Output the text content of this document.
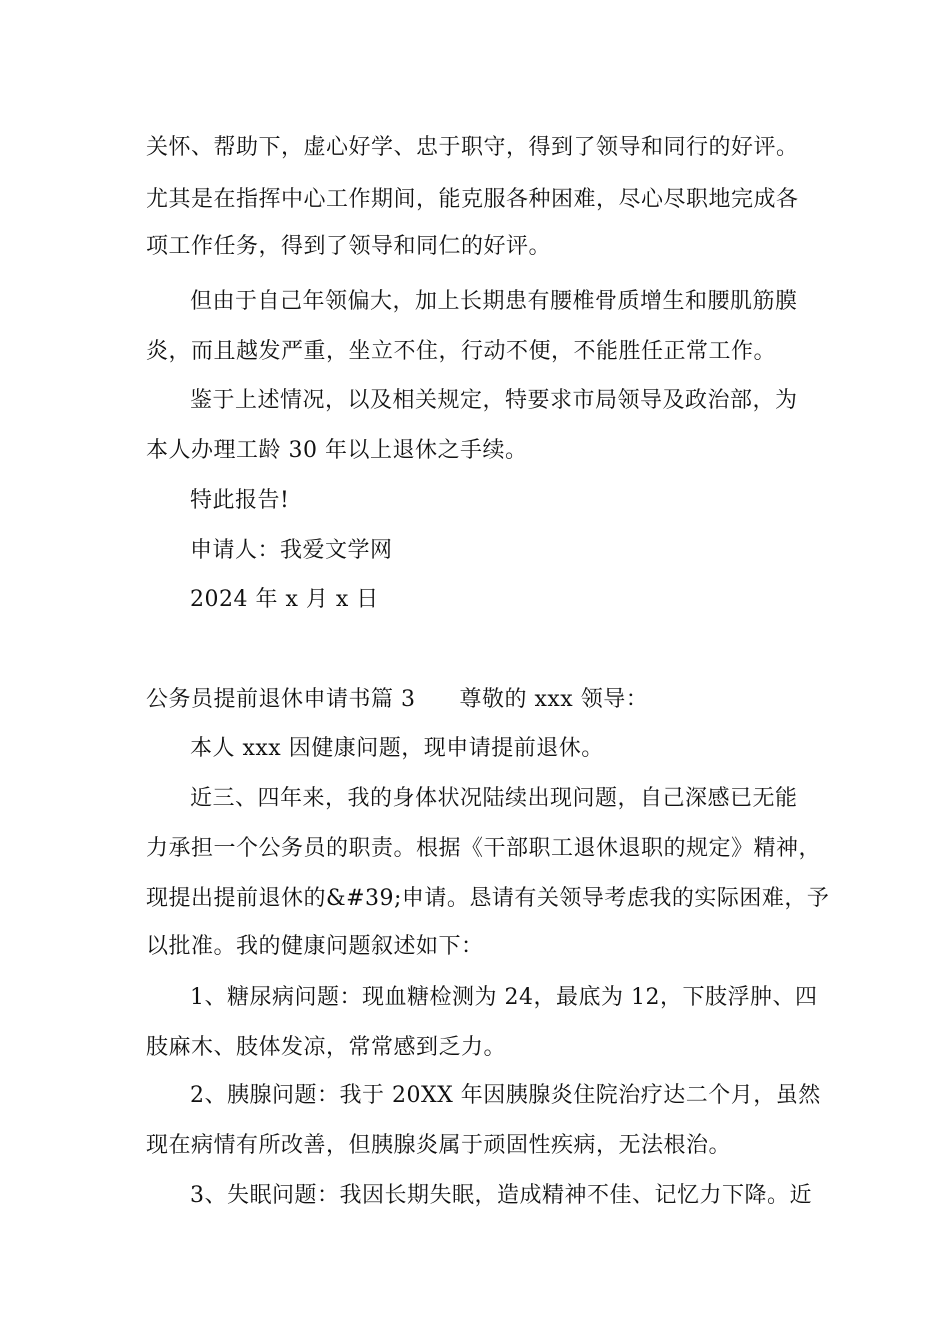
关怀、帮助下，虚心好学、忠于职守，得到了领导和同行的好评。
尤其是在指挥中心工作期间，能克服各种困难，尽心尽职地完成各
项工作任务，得到了领导和同仁的好评。
但由于自己年领偏大，加上长期患有腰椎骨质增生和腰肌筋膜
炎，而且越发严重，坐立不住，行动不便，不能胜任正常工作。
鉴于上述情况，以及相关规定，特要求市局领导及政治部，为
本人办理工龄 30 年以上退休之手续。
特此报告!
申请人：我爱文学网
2024 年 x 月 x 日
公务员提前退休申请书篇 3 尊敬的 xxx 领导：
本人 xxx 因健康问题，现申请提前退休。
近三、四年来，我的身体状况陆续出现问题，自己深感已无能
力承担一个公务员的职责。根据《干部职工退休退职的规定》精神，
现提出提前退休的&#39;申请。恳请有关领导考虑我的实际困难，予
以批准。我的健康问题叙述如下：
1、糖尿病问题：现血糖检测为 24，最底为 12，下肢浮肿、四
肢麻木、肢体发凉，常常感到乏力。
2、胰腺问题：我于 20XX 年因胰腺炎住院治疗达二个月，虽然
现在病情有所改善，但胰腺炎属于顽固性疾病，无法根治。
3、失眠问题：我因长期失眠，造成精神不佳、记忆力下降。近
